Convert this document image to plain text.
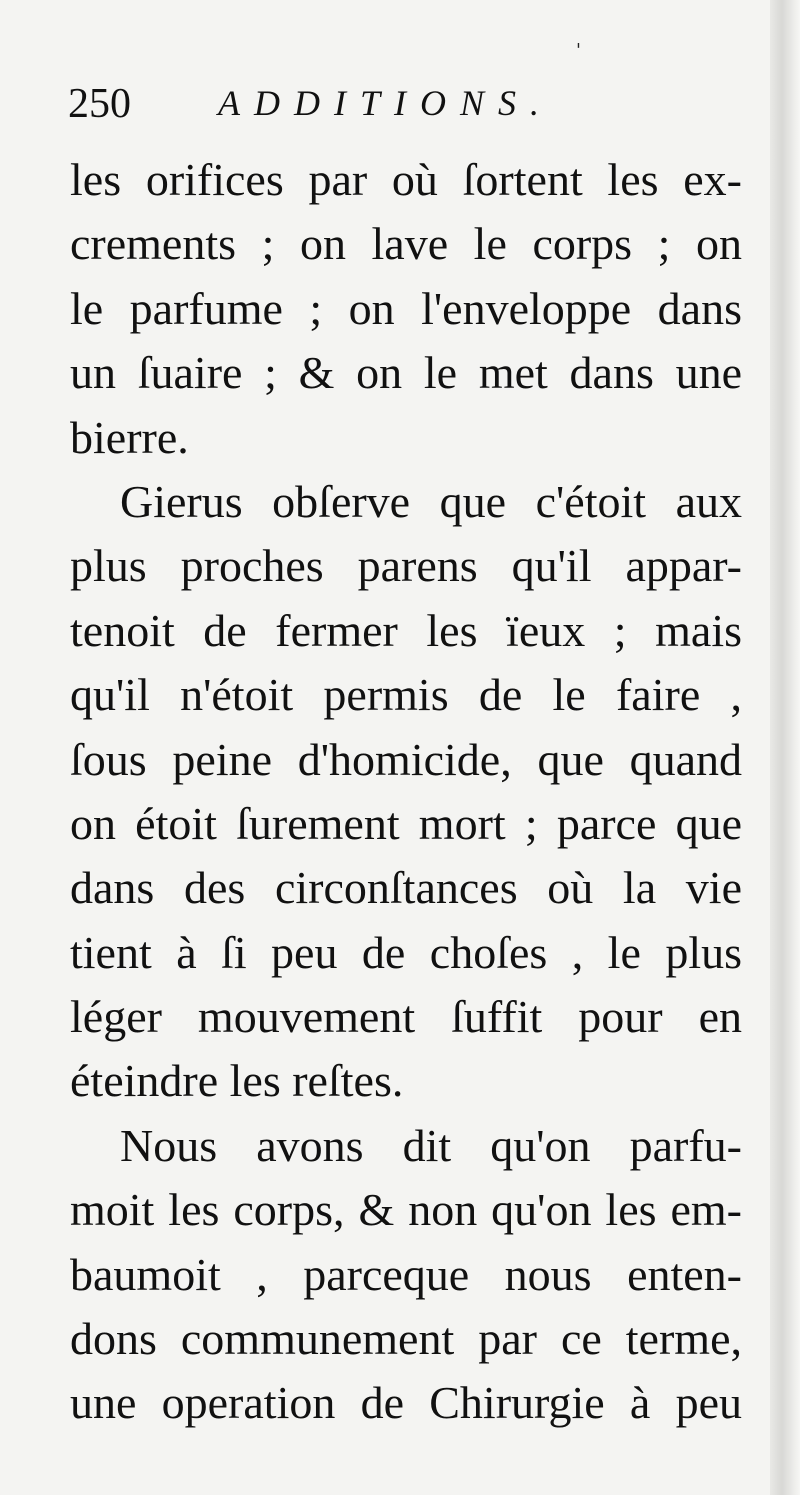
'
250 ADDITIONS.
les orifices par où ſortent les ex-
crements ; on lave le corps ; on
le parfume ; on l'enveloppe dans
un ſuaire ; & on le met dans une
bierre.
Gierus obſerve que c'étoit aux
plus proches parens qu'il appar-
tenoit de fermer les ïeux ; mais
qu'il n'étoit permis de le faire ,
ſous peine d'homicide, que quand
on étoit ſurement mort ; parce que
dans des circonſtances où la vie
tient à ſi peu de choſes , le plus
léger mouvement ſuffit pour en
éteindre les reſtes.
Nous avons dit qu'on parfu-
moit les corps, & non qu'on les em-
baumoit , parceque nous enten-
dons communement par ce terme,
une operation de Chirurgie à peu
